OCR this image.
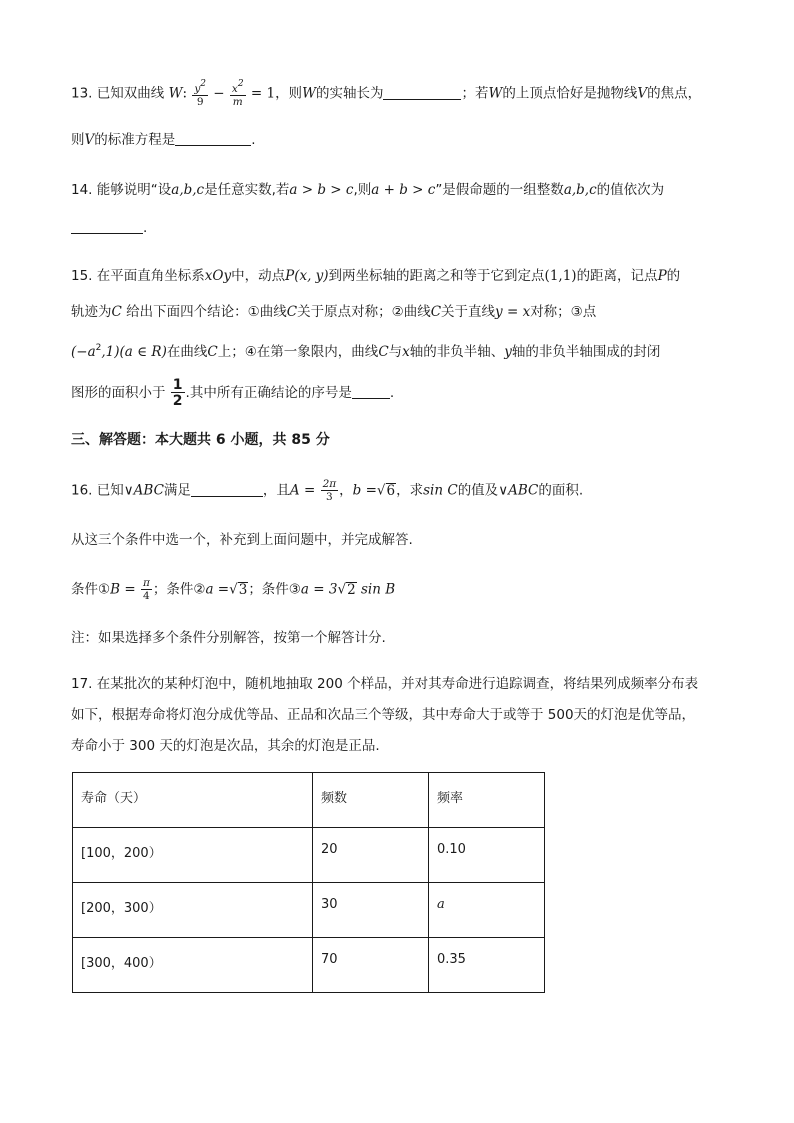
13. 已知双曲线 W: $\frac{y2}{9} - \frac{x2}{m} = 1$，则W的实轴长为	；若W的上顶点恰好是抛物线V的焦点，
则V的标准方程是	.
14. 能够说明“设a,b,c是任意实数,若a > b > c,则a + b > c”是假命题的一组整数a,b,c的值依次为
.
15. 在平面直角坐标系xOy中，动点P(x, y)到两坐标轴的距离之和等于它到定点(1,1)的距离，记点P的
轨迹为C 给出下面四个结论：①曲线C关于原点对称；②曲线C关于直线y = x对称；③点
$(-a^2,1)(a$ ∈ R)在曲线C上；④在第一象限内，曲线C与x轴的非负半轴、y轴的非负半轴围成的封闭
图形的面积小于 $\frac{1}{2}$ .其中所有正确结论的序号是	.
三、解答题：本大题共 6 小题，共 85 分
16. 已知∨ABC满足	，且$A = \frac{2\pi}{3}$ ，b =√6，求sin C的值及∨ABC的面积.
从这三个条件中选一个，补充到上面问题中，并完成解答.
条件①B = $\frac{\pi}{4}$ ；条件②a =√3；条件③a = 3√2 sin B
注：如果选择多个条件分别解答，按第一个解答计分.
17. 在某批次的某种灯泡中，随机地抽取 200 个样品，并对其寿命进行追踪调查，将结果列成频率分布表
如下，根据寿命将灯泡分成优等品、正品和次品三个等级，其中寿命大于或等于 500天的灯泡是优等品，
寿命小于 300 天的灯泡是次品，其余的灯泡是正品.
寿命（天）	频数	频率
[100，200）	20	0.10
[200，300）	30	a
[300，400）	70	0.35
